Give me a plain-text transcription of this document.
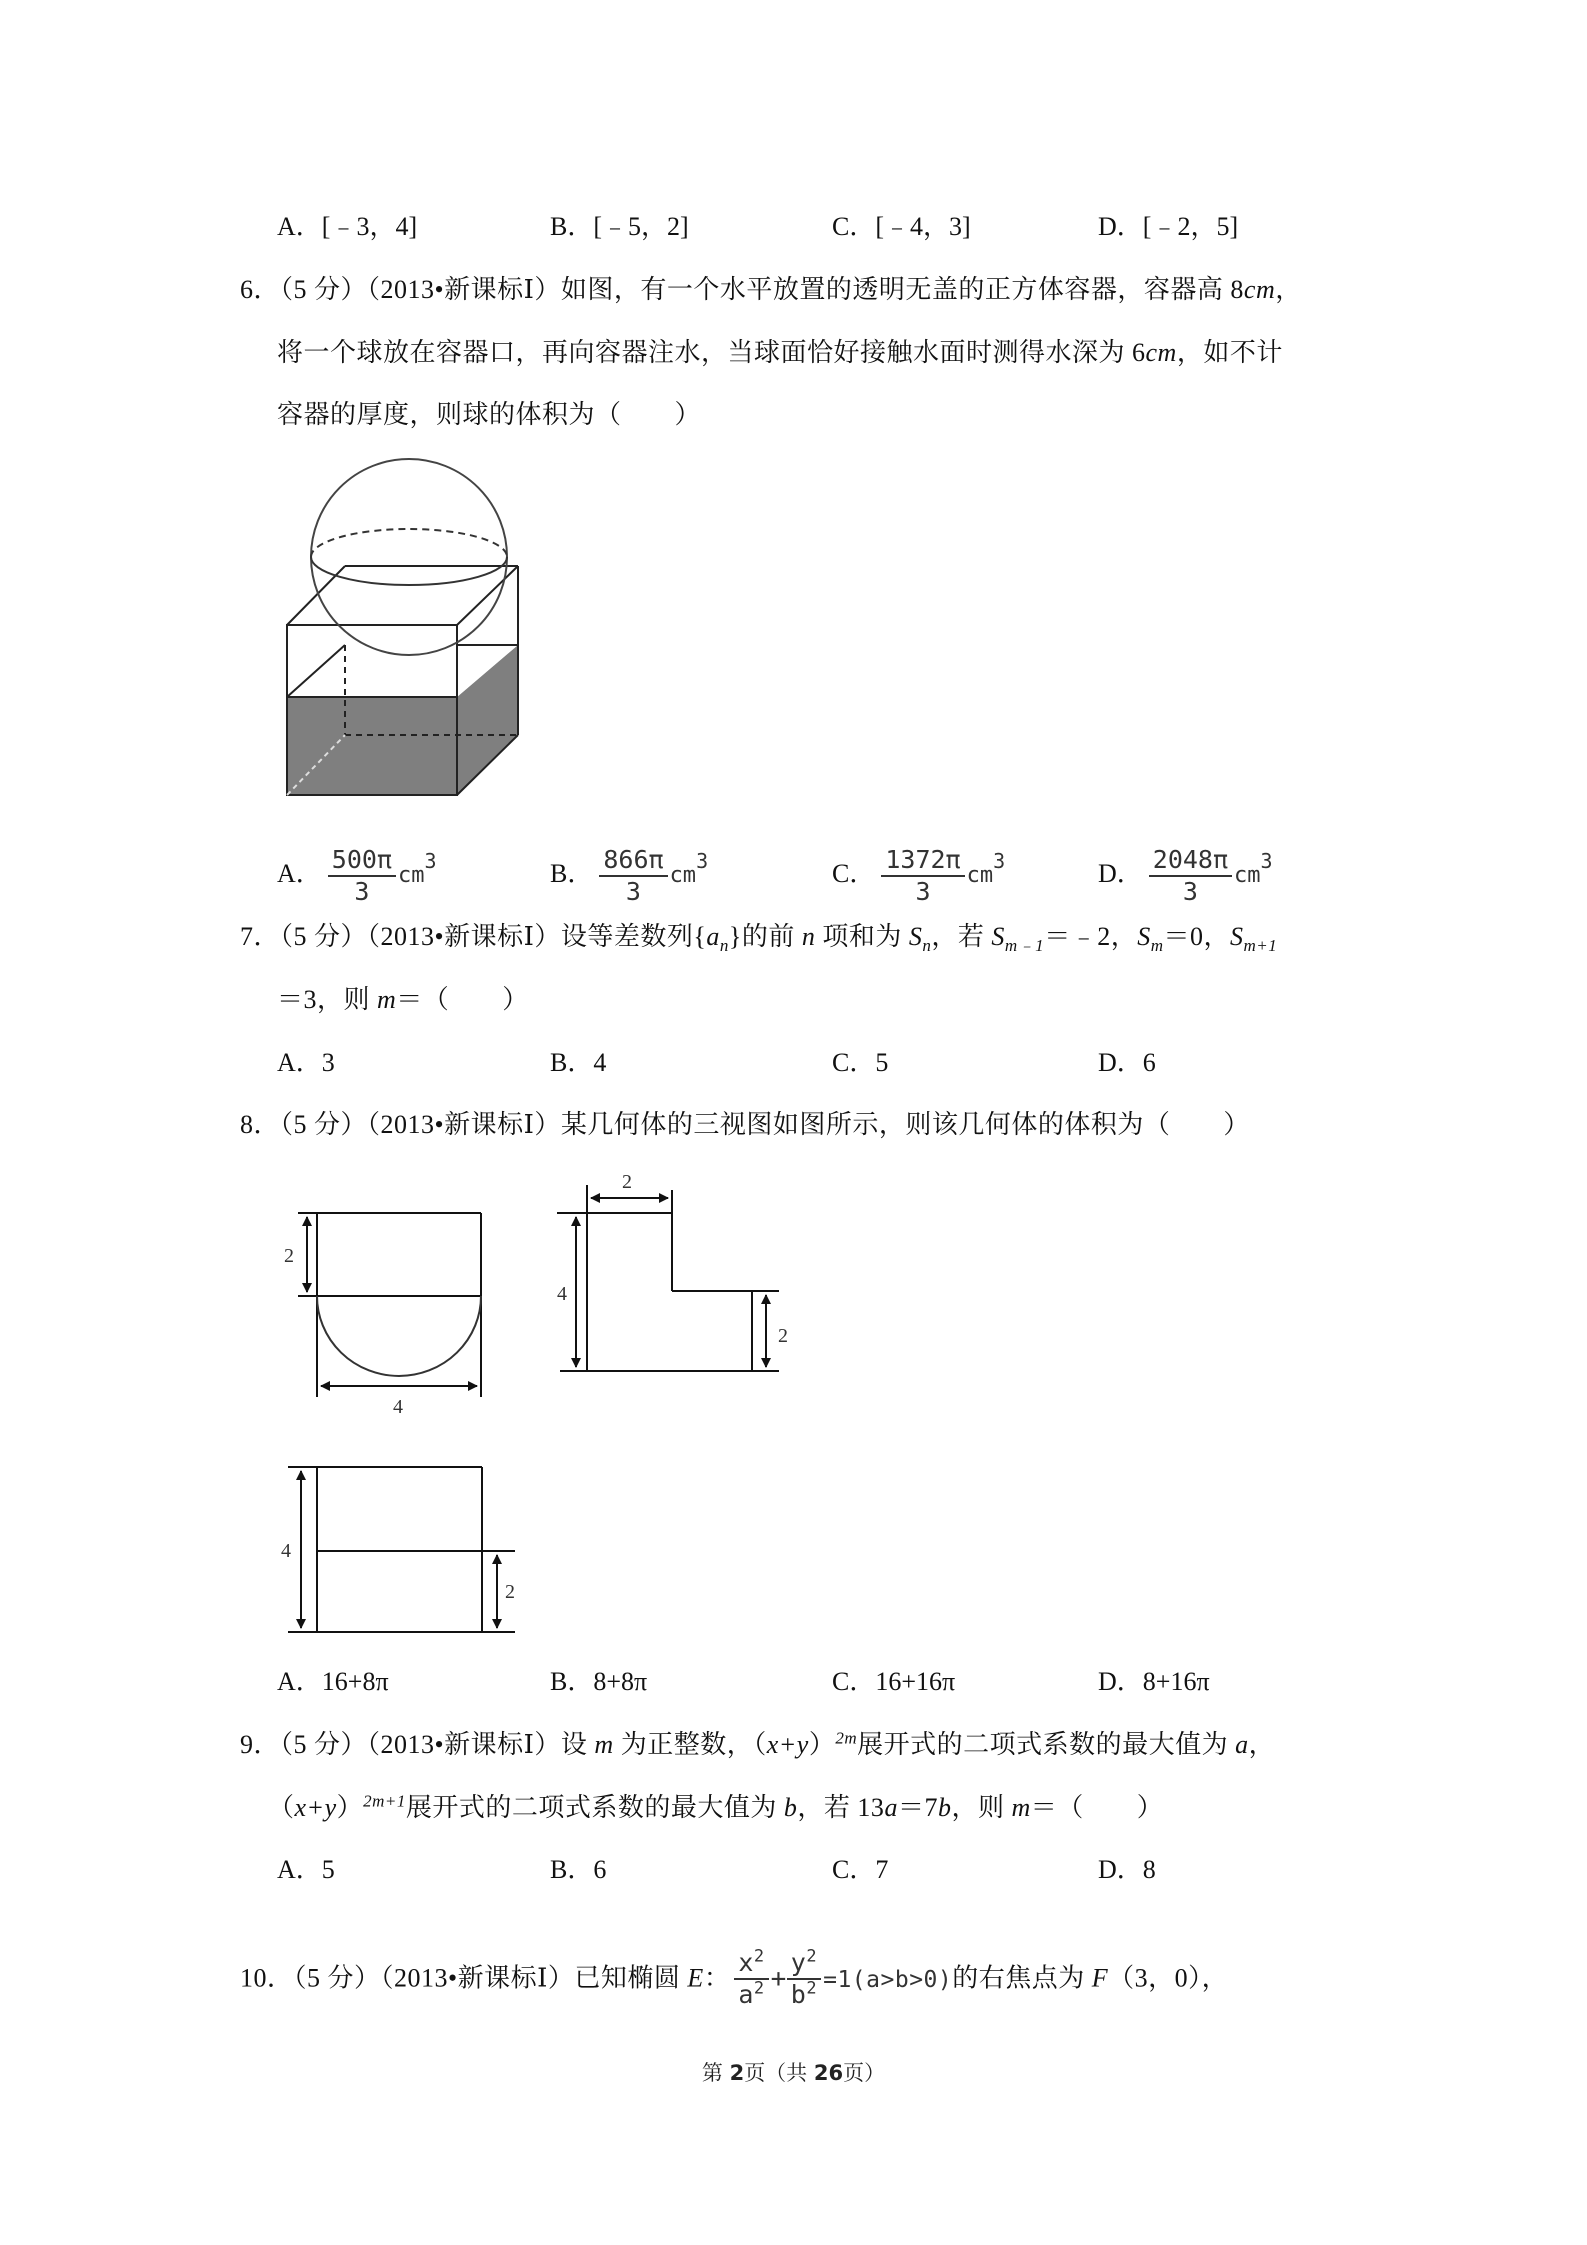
A．[﹣3，4]	B．[﹣5，2]	C．[﹣4，3]	D．[﹣2，5]
6．（5 分）（2013•新课标Ⅰ）如图，有一个水平放置的透明无盖的正方体容器，容器高 8cm，
将一个球放在容器口，再向容器注水，当球面恰好接触水面时测得水深为 6cm，如不计
容器的厚度，则球的体积为（　　）
A． $\frac{500\pi}{3} cm^3$	B． $\frac{866\pi}{3} cm^3$	C． $\frac{1372\pi}{3} cm^3$	D． $\frac{2048\pi}{3} cm^3$
7．（5 分）（2013•新课标Ⅰ）设等差数列$\{a_n\}$的前 n 项和为 $S_n$，若 $S_{m﹣1}=﹣2$，$S_m=0$，$S_{m+1}$
＝3，则 m＝（　　）
A．3	B．4	C．5	D．6
8．（5 分）（2013•新课标Ⅰ）某几何体的三视图如图所示，则该几何体的体积为（　　）
2
4
2
4
2
4
2
A．16+8π	B．8+8π	C．16+16π	D．8+16π
9．（5 分）（2013•新课标Ⅰ）设 m 为正整数，$(x+y)^{2m}$展开式的二项式系数的最大值为 a，
$(x+y)^{2m+1}$展开式的二项式系数的最大值为 b，若 13a＝7b，则 m＝（　　）
A．5	B．6	C．7	D．8
10．（5 分）（2013•新课标Ⅰ）已知椭圆 E： $\frac{x^2}{a^2} + \frac{y^2}{b^2} =1(a>b>0)$的右焦点为 F（3，0），
第 2页（共 26页）
